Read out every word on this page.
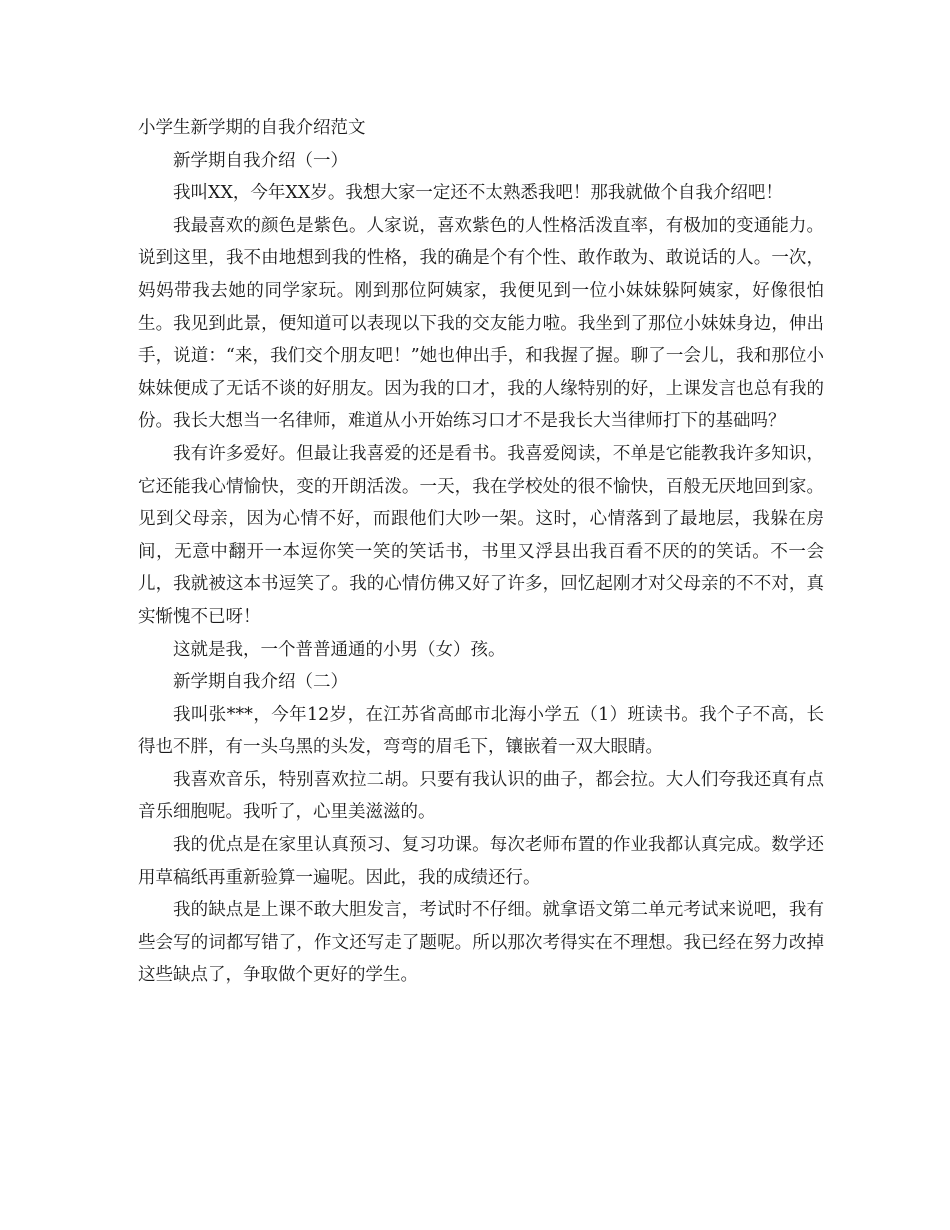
小学生新学期的自我介绍范文
新学期自我介绍（一）

我叫XX，今年XX岁。我想大家一定还不太熟悉我吧！那我就做个自我介绍吧！

我最喜欢的颜色是紫色。人家说，喜欢紫色的人性格活泼直率，有极加的变通能力。说到这里，我不由地想到我的性格，我的确是个有个性、敢作敢为、敢说话的人。一次，妈妈带我去她的同学家玩。刚到那位阿姨家，我便见到一位小妹妹躲阿姨家，好像很怕生。我见到此景，便知道可以表现以下我的交友能力啦。我坐到了那位小妹妹身边，伸出手，说道：“来，我们交个朋友吧！”她也伸出手，和我握了握。聊了一会儿，我和那位小妹妹便成了无话不谈的好朋友。因为我的口才，我的人缘特别的好，上课发言也总有我的份。我长大想当一名律师，难道从小开始练习口才不是我长大当律师打下的基础吗？

我有许多爱好。但最让我喜爱的还是看书。我喜爱阅读，不单是它能教我许多知识，它还能我心情愉快，变的开朗活泼。一天，我在学校处的很不愉快，百般无厌地回到家。见到父母亲，因为心情不好，而跟他们大吵一架。这时，心情落到了最地层，我躲在房间，无意中翻开一本逗你笑一笑的笑话书，书里又浮县出我百看不厌的的笑话。不一会儿，我就被这本书逗笑了。我的心情仿佛又好了许多，回忆起刚才对父母亲的不不对，真实惭愧不已呀！

这就是我，一个普普通通的小男（女）孩。

新学期自我介绍（二）

我叫张***，今年12岁，在江苏省高邮市北海小学五（1）班读书。我个子不高，长得也不胖，有一头乌黑的头发，弯弯的眉毛下，镶嵌着一双大眼睛。

我喜欢音乐，特别喜欢拉二胡。只要有我认识的曲子，都会拉。大人们夸我还真有点音乐细胞呢。我听了，心里美滋滋的。

我的优点是在家里认真预习、复习功课。每次老师布置的作业我都认真完成。数学还用草稿纸再重新验算一遍呢。因此，我的成绩还行。

我的缺点是上课不敢大胆发言，考试时不仔细。就拿语文第二单元考试来说吧，我有些会写的词都写错了，作文还写走了题呢。所以那次考得实在不理想。我已经在努力改掉这些缺点了，争取做个更好的学生。
